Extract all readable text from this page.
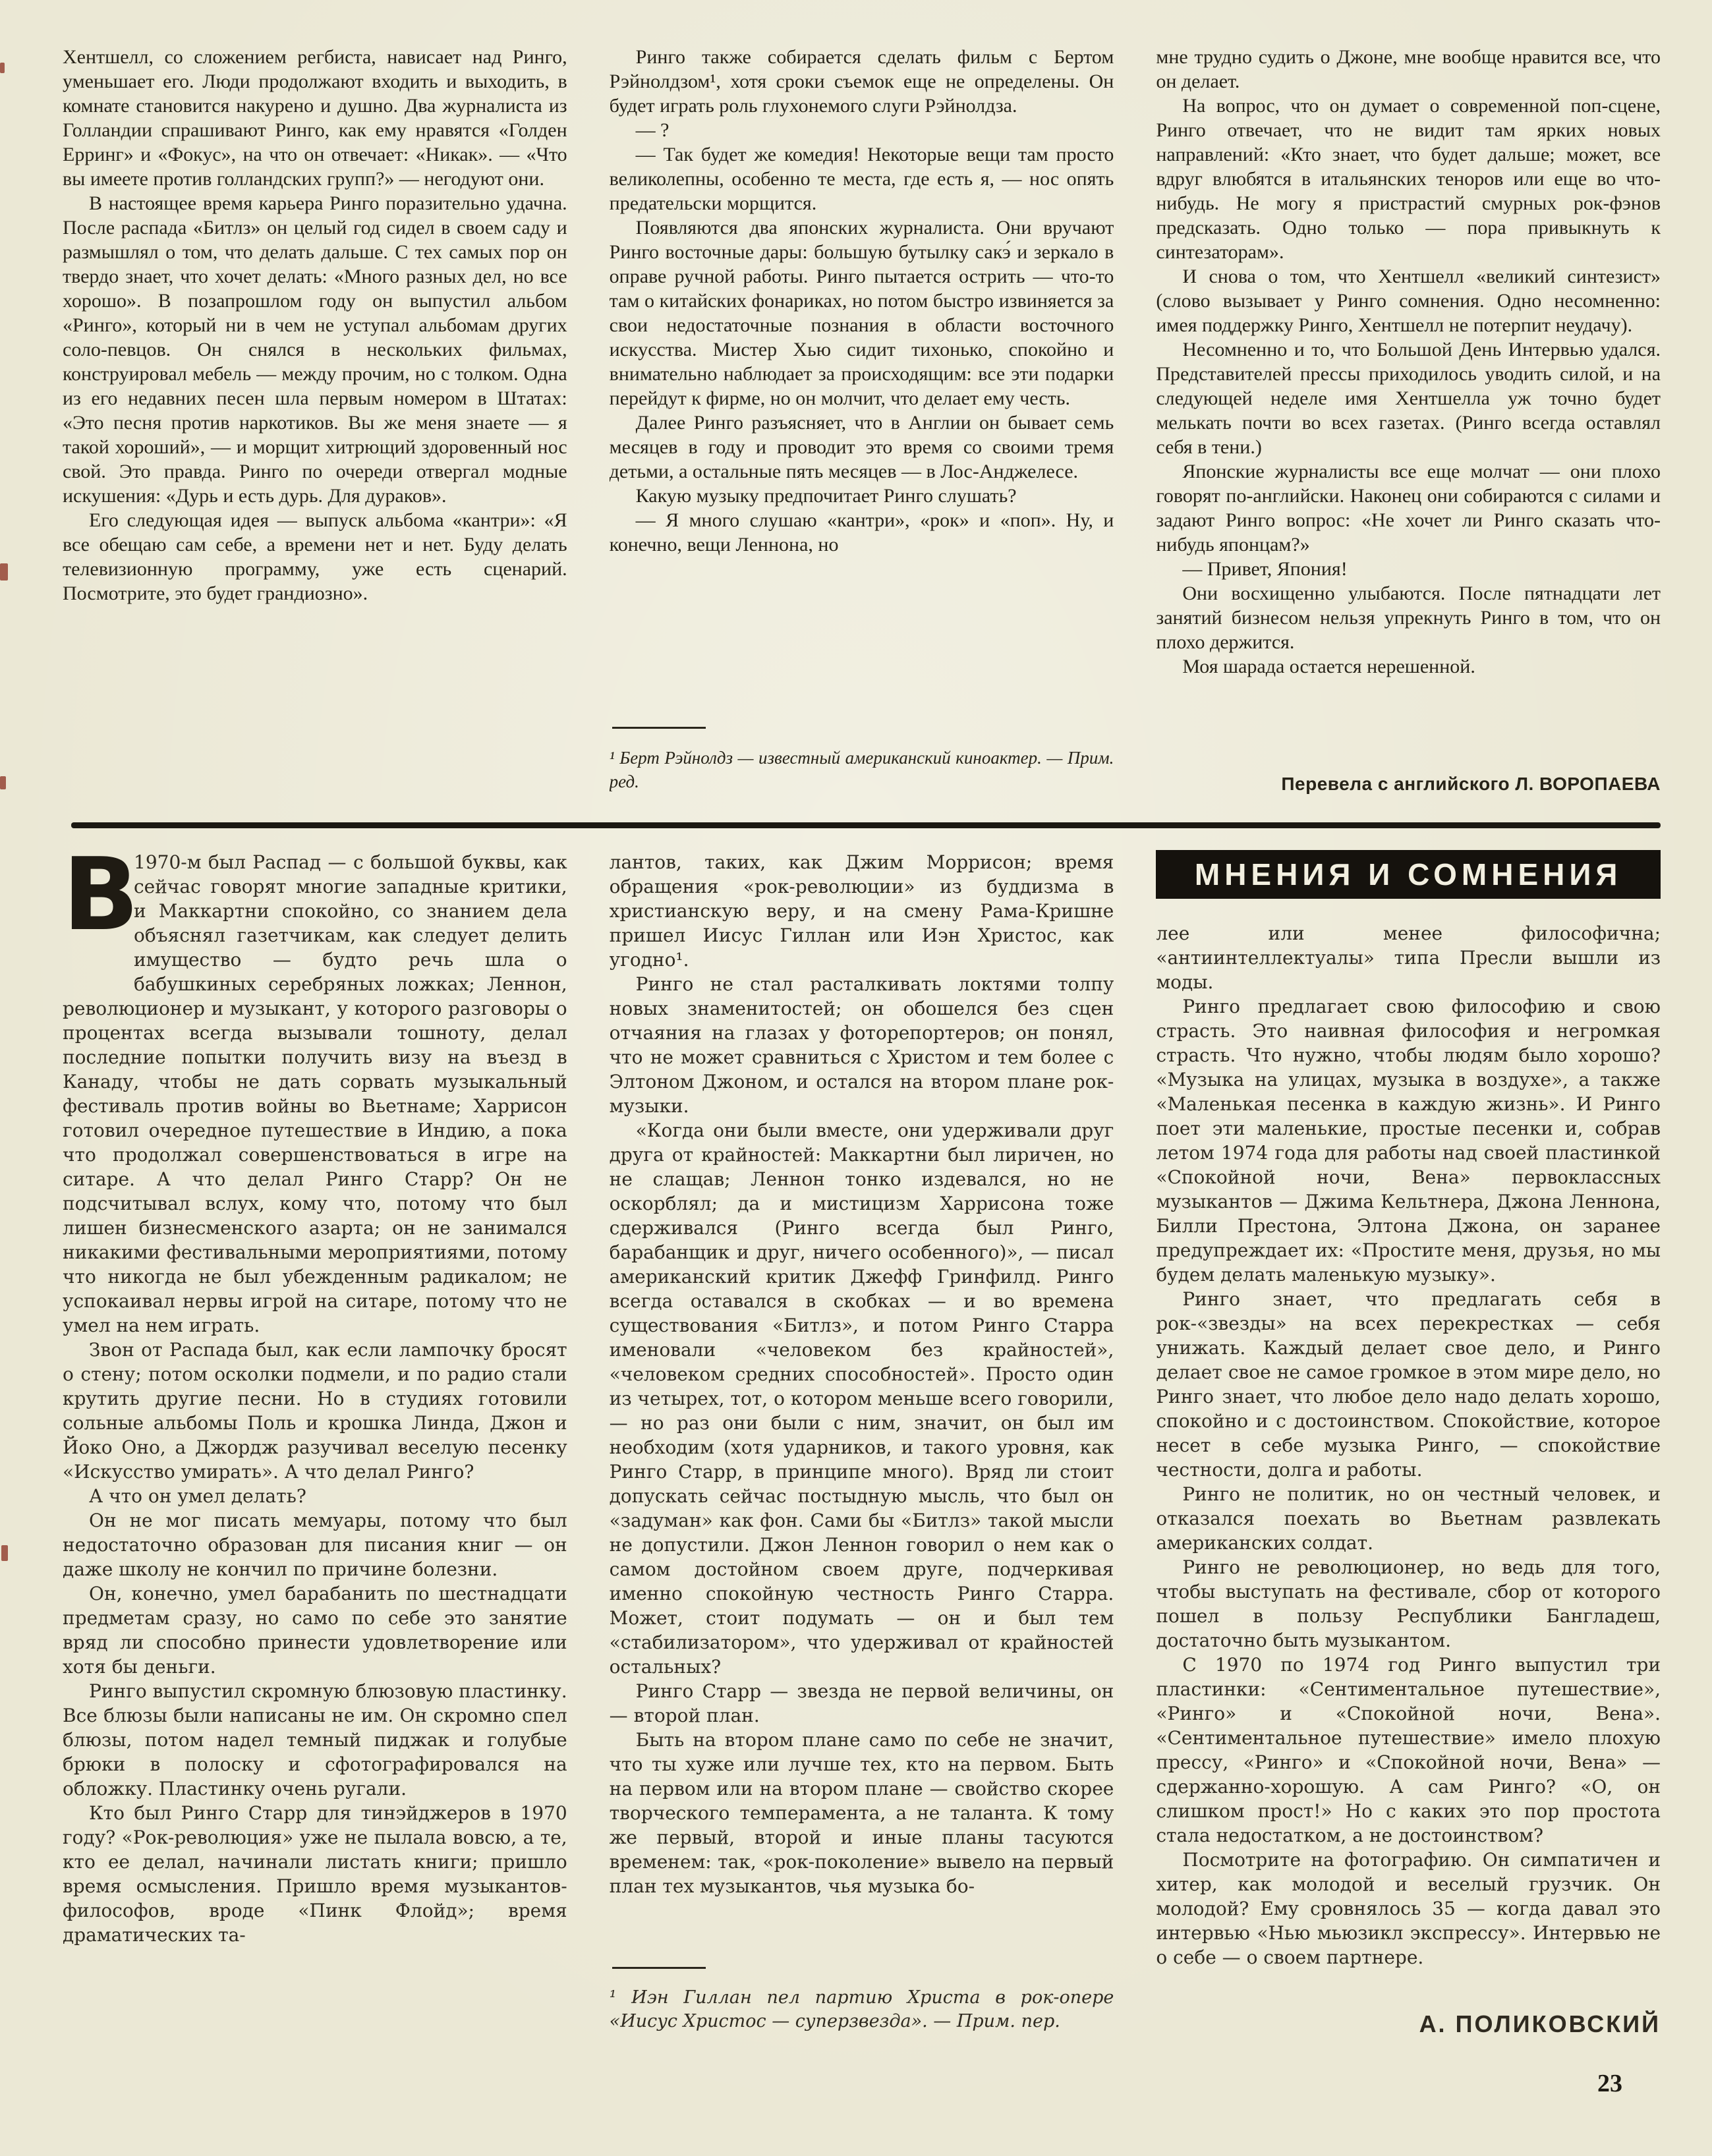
Хентшелл, со сложением регбиста, нависает над Ринго, уменьшает его. Люди продолжают входить и выходить, в комнате становится накурено и душно. Два журналиста из Голландии спрашивают Ринго, как ему нравятся «Голден Ерринг» и «Фокус», на что он отвечает: «Никак». — «Что вы имеете против голландских групп?» — негодуют они.

В настоящее время карьера Ринго поразительно удачна. После распада «Битлз» он целый год сидел в своем саду и размышлял о том, что делать дальше. С тех самых пор он твердо знает, что хочет делать: «Много разных дел, но все хорошо». В позапрошлом году он выпустил альбом «Ринго», который ни в чем не уступал альбомам других соло-певцов. Он снялся в нескольких фильмах, конструировал мебель — между прочим, но с толком. Одна из его недавних песен шла первым номером в Штатах: «Это песня против наркотиков. Вы же меня знаете — я такой хороший», — и морщит хитрющий здоровенный нос свой. Это правда. Ринго по очереди отвергал модные искушения: «Дурь и есть дурь. Для дураков».

Его следующая идея — выпуск альбома «кантри»: «Я все обещаю сам себе, а времени нет и нет. Буду делать телевизионную программу, уже есть сценарий. Посмотрите, это будет грандиозно».

Ринго также собирается сделать фильм с Бертом Рэйнолдзом¹, хотя сроки съемок еще не определены. Он будет играть роль глухонемого слуги Рэйнолдза.

— ?

— Так будет же комедия! Некоторые вещи там просто великолепны, особенно те места, где есть я, — нос опять предательски морщится.

Появляются два японских журналиста. Они вручают Ринго восточные дары: большую бутылку сакэ́ и зеркало в оправе ручной работы. Ринго пытается острить — что-то там о китайских фонариках, но потом быстро извиняется за свои недостаточные познания в области восточного искусства. Мистер Хью сидит тихонько, спокойно и внимательно наблюдает за происходящим: все эти подарки перейдут к фирме, но он молчит, что делает ему честь.

Далее Ринго разъясняет, что в Англии он бывает семь месяцев в году и проводит это время со своими тремя детьми, а остальные пять месяцев — в Лос-Анджелесе.

Какую музыку предпочитает Ринго слушать?

— Я много слушаю «кантри», «рок» и «поп». Ну, и конечно, вещи Леннона, но

¹ Берт Рэйнолдз — известный американский киноактер. — Прим. ред.

мне трудно судить о Джоне, мне вообще нравится все, что он делает.

На вопрос, что он думает о современной поп-сцене, Ринго отвечает, что не видит там ярких новых направлений: «Кто знает, что будет дальше; может, все вдруг влюбятся в итальянских теноров или еще во что-нибудь. Не могу я пристрастий смурных рок-фэнов предсказать. Одно только — пора привыкнуть к синтезаторам».

И снова о том, что Хентшелл «великий синтезист» (слово вызывает у Ринго сомнения. Одно несомненно: имея поддержку Ринго, Хентшелл не потерпит неудачу).

Несомненно и то, что Большой День Интервью удался. Представителей прессы приходилось уводить силой, и на следующей неделе имя Хентшелла уж точно будет мелькать почти во всех газетах. (Ринго всегда оставлял себя в тени.)

Японские журналисты все еще молчат — они плохо говорят по-английски. Наконец они собираются с силами и задают Ринго вопрос: «Не хочет ли Ринго сказать что-нибудь японцам?»

— Привет, Япония!

Они восхищенно улыбаются. После пятнадцати лет занятий бизнесом нельзя упрекнуть Ринго в том, что он плохо держится.

Моя шарада остается нерешенной.

Перевела с английского Л. ВОРОПАЕВА

В
1970-м был Распад — с большой буквы, как сейчас говорят многие западные критики, и Маккартни спокойно, со знанием дела объяснял газетчикам, как следует делить имущество — будто речь шла о бабушкиных серебряных ложках; Леннон, революционер и музыкант, у которого разговоры о процентах всегда вызывали тошноту, делал последние попытки получить визу на въезд в Канаду, чтобы не дать сорвать музыкальный фестиваль против войны во Вьетнаме; Харрисон готовил очередное путешествие в Индию, а пока что продолжал совершенствоваться в игре на ситаре. А что делал Ринго Старр? Он не подсчитывал вслух, кому что, потому что был лишен бизнесменского азарта; он не занимался никакими фестивальными мероприятиями, потому что никогда не был убежденным радикалом; не успокаивал нервы игрой на ситаре, потому что не умел на нем играть.

Звон от Распада был, как если лампочку бросят о стену; потом осколки подмели, и по радио стали крутить другие песни. Но в студиях готовили сольные альбомы Поль и крошка Линда, Джон и Йоко Оно, а Джордж разучивал веселую песенку «Искусство умирать». А что делал Ринго?

А что он умел делать?

Он не мог писать мемуары, потому что был недостаточно образован для писания книг — он даже школу не кончил по причине болезни.

Он, конечно, умел барабанить по шестнадцати предметам сразу, но само по себе это занятие вряд ли способно принести удовлетворение или хотя бы деньги.

Ринго выпустил скромную блюзовую пластинку. Все блюзы были написаны не им. Он скромно спел блюзы, потом надел темный пиджак и голубые брюки в полоску и сфотографировался на обложку. Пластинку очень ругали.

Кто был Ринго Старр для тинэйджеров в 1970 году? «Рок-революция» уже не пылала вовсю, а те, кто ее делал, начинали листать книги; пришло время осмысления. Пришло время музыкантов-философов, вроде «Пинк Флойд»; время драматических та-

лантов, таких, как Джим Моррисон; время обращения «рок-революции» из буддизма в христианскую веру, и на смену Рама-Кришне пришел Иисус Гиллан или Иэн Христос, как угодно¹.

Ринго не стал расталкивать локтями толпу новых знаменитостей; он обошелся без сцен отчаяния на глазах у фоторепортеров; он понял, что не может сравниться с Христом и тем более с Элтоном Джоном, и остался на втором плане рок-музыки.

«Когда они были вместе, они удерживали друг друга от крайностей: Маккартни был лиричен, но не слащав; Леннон тонко издевался, но не оскорблял; да и мистицизм Харрисона тоже сдерживался (Ринго всегда был Ринго, барабанщик и друг, ничего особенного)», — писал американский критик Джефф Гринфилд. Ринго всегда оставался в скобках — и во времена существования «Битлз», и потом Ринго Старра именовали «человеком без крайностей», «человеком средних способностей». Просто один из четырех, тот, о котором меньше всего говорили, — но раз они были с ним, значит, он был им необходим (хотя ударников, и такого уровня, как Ринго Старр, в принципе много). Вряд ли стоит допускать сейчас постыдную мысль, что был он «задуман» как фон. Сами бы «Битлз» такой мысли не допустили. Джон Леннон говорил о нем как о самом достойном своем друге, подчеркивая именно спокойную честность Ринго Старра. Может, стоит подумать — он и был тем «стабилизатором», что удерживал от крайностей остальных?

Ринго Старр — звезда не первой величины, он — второй план.

Быть на втором плане само по себе не значит, что ты хуже или лучше тех, кто на первом. Быть на первом или на втором плане — свойство скорее творческого темперамента, а не таланта. К тому же первый, второй и иные планы тасуются временем: так, «рок-поколение» вывело на первый план тех музыкантов, чья музыка бо-

¹ Иэн Гиллан пел партию Христа в рок-опере «Иисус Христос — суперзвезда». — Прим. пер.

МНЕНИЯ И СОМНЕНИЯ

лее или менее философична; «антиинтеллектуалы» типа Пресли вышли из моды.

Ринго предлагает свою философию и свою страсть. Это наивная философия и негромкая страсть. Что нужно, чтобы людям было хорошо? «Музыка на улицах, музыка в воздухе», а также «Маленькая песенка в каждую жизнь». И Ринго поет эти маленькие, простые песенки и, собрав летом 1974 года для работы над своей пластинкой «Спокойной ночи, Вена» первоклассных музыкантов — Джима Кельтнера, Джона Леннона, Билли Престона, Элтона Джона, он заранее предупреждает их: «Простите меня, друзья, но мы будем делать маленькую музыку».

Ринго знает, что предлагать себя в рок-«звезды» на всех перекрестках — себя унижать. Каждый делает свое дело, и Ринго делает свое не самое громкое в этом мире дело, но Ринго знает, что любое дело надо делать хорошо, спокойно и с достоинством. Спокойствие, которое несет в себе музыка Ринго, — спокойствие честности, долга и работы.

Ринго не политик, но он честный человек, и отказался поехать во Вьетнам развлекать американских солдат.

Ринго не революционер, но ведь для того, чтобы выступать на фестивале, сбор от которого пошел в пользу Республики Бангладеш, достаточно быть музыкантом.

С 1970 по 1974 год Ринго выпустил три пластинки: «Сентиментальное путешествие», «Ринго» и «Спокойной ночи, Вена». «Сентиментальное путешествие» имело плохую прессу, «Ринго» и «Спокойной ночи, Вена» — сдержанно-хорошую. А сам Ринго? «О, он слишком прост!» Но с каких это пор простота стала недостатком, а не достоинством?

Посмотрите на фотографию. Он симпатичен и хитер, как молодой и веселый грузчик. Он молодой? Ему сровнялось 35 — когда давал это интервью «Нью мьюзикл экспрессу». Интервью не о себе — о своем партнере.

А. ПОЛИКОВСКИЙ

23
